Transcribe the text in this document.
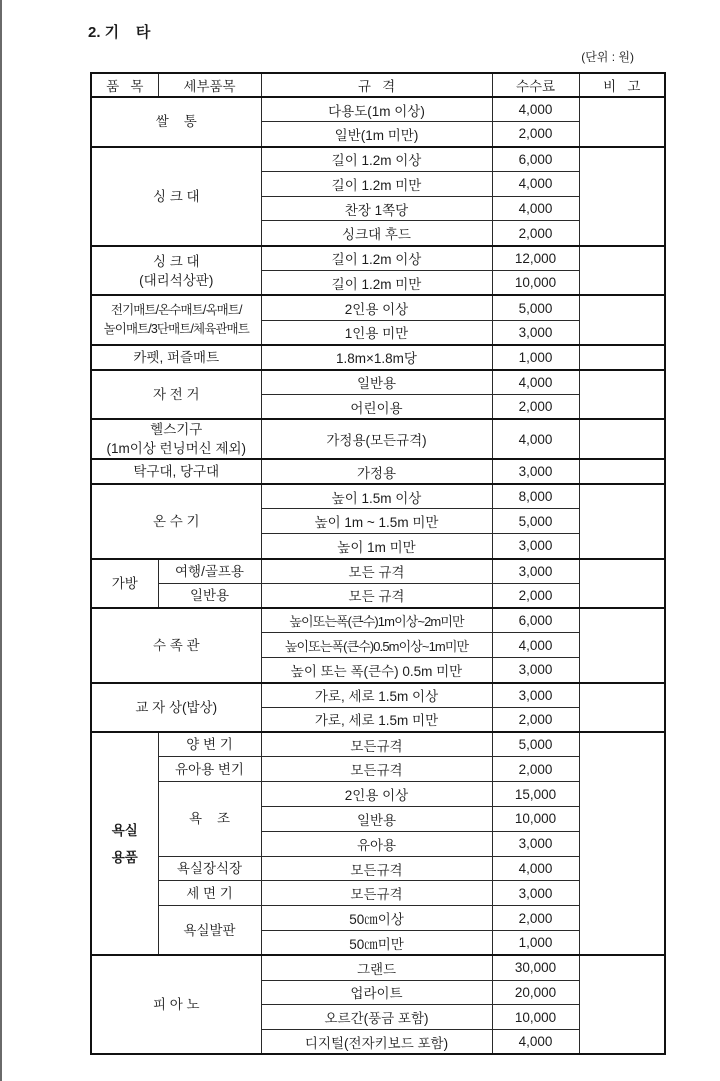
2. 기    타
(단위 : 원)
품   목	세부품목	규   격	수수료	비   고

쌀    통		다용도(1m 이상)	4,000	
		일반(1m 미만)	2,000	

싱 크 대		길이 1.2m 이상	6,000	
		길이 1.2m 미만	4,000	
		찬장 1쪽당	4,000	
		싱크대 후드	2,000	

싱 크 대
(대리석상판)		길이 1.2m 이상	12,000	
		길이 1.2m 미만	10,000	

전기매트/온수매트/옥매트/
놀이매트/3단매트/체육관매트		2인용 이상	5,000	
		1인용 미만	3,000	

카펫, 퍼즐매트		1.8m×1.8m당	1,000	

자 전 거		일반용	4,000	
		어린이용	2,000	

헬스기구
(1m이상 런닝머신 제외)		가정용(모든규격)	4,000	

탁구대, 당구대		가정용	3,000	

온 수 기		높이 1.5m 이상	8,000	
		높이 1m ~ 1.5m 미만	5,000	
		높이 1m 미만	3,000	

가방	여행/골프용	모든 규격	3,000	

	일반용	모든 규격	2,000	

수 족 관		높이또는폭(큰수)1m이상~2m미만	6,000	
		높이또는폭(큰수)0.5m이상~1m미만	4,000	
		높이 또는 폭(큰수) 0.5m 미만	3,000	

교 자 상(밥상)		가로, 세로 1.5m 이상	3,000	
		가로, 세로 1.5m 미만	2,000	

욕실
용품	양 변 기	모든규격	5,000	

	유아용 변기	모든규격	2,000	

	욕    조	2인용 이상	15,000	
		일반용	10,000	
		유아용	3,000	

	욕실장식장	모든규격	4,000	

	세 면 기	모든규격	3,000	

	욕실발판	50㎝이상	2,000	
		50㎝미만	1,000	

피 아 노		그랜드	30,000	
		업라이트	20,000	
		오르간(풍금 포함)	10,000	
		디지털(전자키보드 포함)	4,000	
